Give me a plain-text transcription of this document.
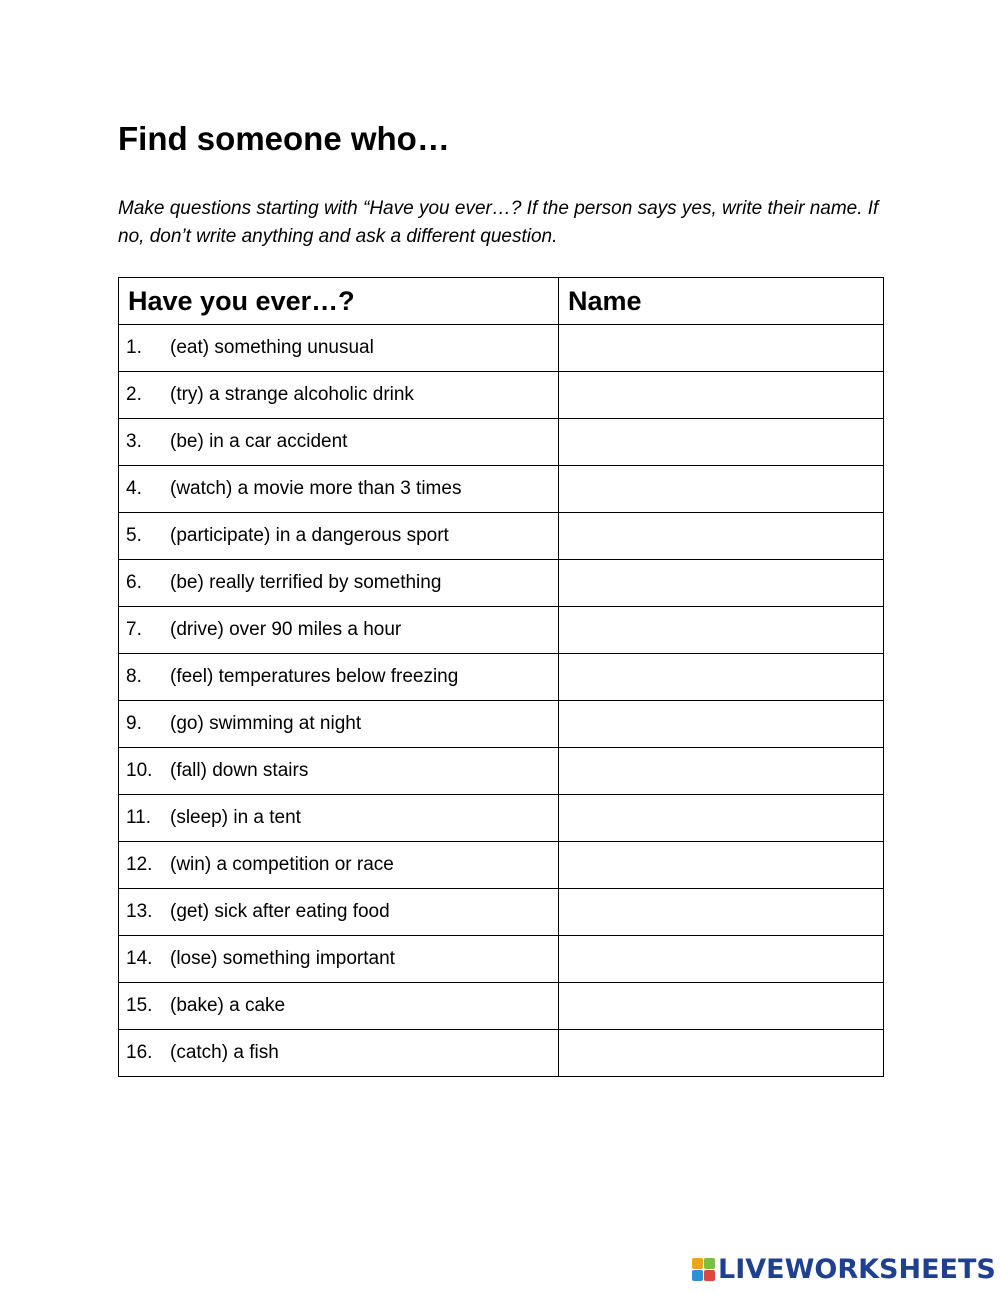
Find someone who…

Make questions starting with “Have you ever…? If the person says yes, write their name. If no, don’t write anything and ask a different question.

Have you ever…?	Name
1. (eat) something unusual	
2. (try) a strange alcoholic drink	
3. (be) in a car accident	
4. (watch) a movie more than 3 times	
5. (participate) in a dangerous sport	
6. (be) really terrified by something	
7. (drive) over 90 miles a hour	
8. (feel) temperatures below freezing	
9. (go) swimming at night	
10. (fall) down stairs	
11. (sleep) in a tent	
12. (win) a competition or race	
13. (get) sick after eating food	
14. (lose) something important	
15. (bake) a cake	
16. (catch) a fish	
LIVEWORKSHEETS
